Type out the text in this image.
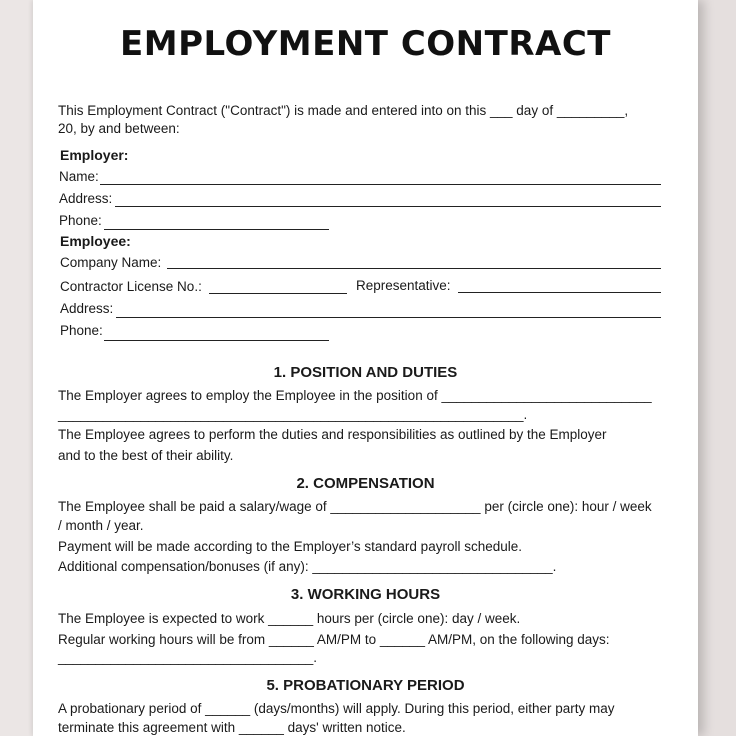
EMPLOYMENT CONTRACT
This Employment Contract ("Contract") is made and entered into on this ___ day of _________,
20, by and between:
Employer:
Name:
Address:
Phone:
Employee:
Company Name:
Contractor License No.:	Representative:
Address:
Phone:
1. POSITION AND DUTIES
The Employer agrees to employ the Employee in the position of ____________________________
______________________________________________________________.
The Employee agrees to perform the duties and responsibilities as outlined by the Employer
and to the best of their ability.
2. COMPENSATION
The Employee shall be paid a salary/wage of ____________________ per (circle one): hour / week
/ month / year.
Payment will be made according to the Employer’s standard payroll schedule.
Additional compensation/bonuses (if any): ________________________________.
3. WORKING HOURS
The Employee is expected to work ______ hours per (circle one): day / week.
Regular working hours will be from ______ AM/PM to ______ AM/PM, on the following days:
__________________________________.
5. PROBATIONARY PERIOD
A probationary period of ______ (days/months) will apply. During this period, either party may
terminate this agreement with ______ days' written notice.
